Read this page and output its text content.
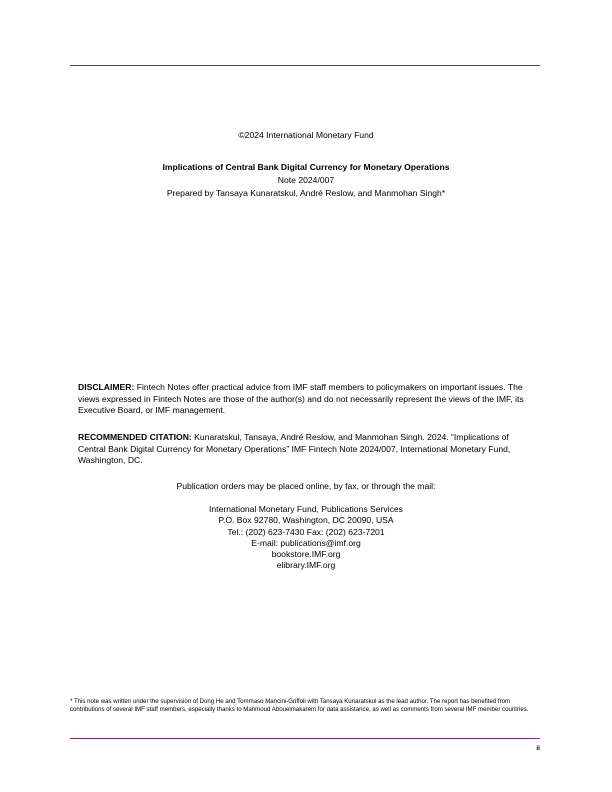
©2024 International Monetary Fund
Implications of Central Bank Digital Currency for Monetary Operations
Note 2024/007
Prepared by Tansaya Kunaratskul, André Reslow, and Manmohan Singh*
DISCLAIMER: Fintech Notes offer practical advice from IMF staff members to policymakers on important issues. The views expressed in Fintech Notes are those of the author(s) and do not necessarily represent the views of the IMF, its Executive Board, or IMF management.
RECOMMENDED CITATION: Kunaratskul, Tansaya, André Reslow, and Manmohan Singh. 2024. “Implications of Central Bank Digital Currency for Monetary Operations” IMF Fintech Note 2024/007, International Monetary Fund, Washington, DC.
Publication orders may be placed online, by fax, or through the mail:
International Monetary Fund, Publications Services
P.O. Box 92780, Washington, DC 20090, USA
Tel.: (202) 623-7430 Fax: (202) 623-7201
E-mail: publications@imf.org
bookstore.IMF.org
elibrary.IMF.org
* This note was written under the supervision of Dong He and Tommaso Mancini-Griffoli with Tansaya Kunaratskul as the lead author. The report has benefited from contributions of several IMF staff members, especially thanks to Mahmoud Abouelmakarem for data assistance, as well as comments from several IMF member countries.
ii
